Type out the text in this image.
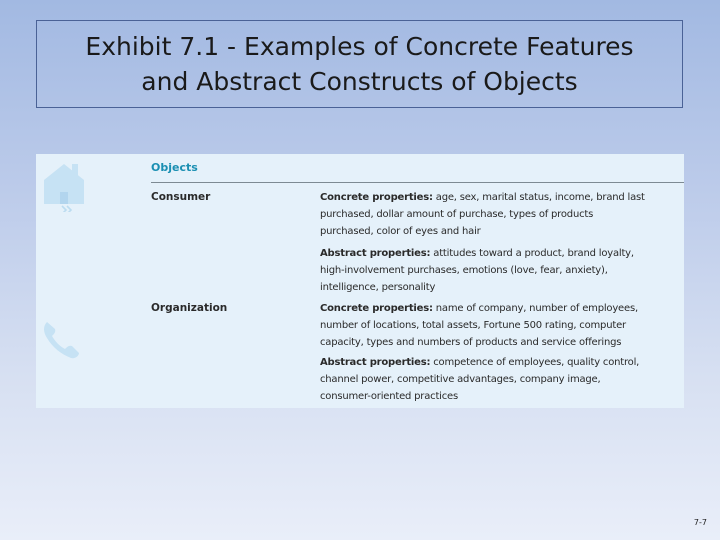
Exhibit 7.1 - Examples of Concrete Features
and Abstract Constructs of Objects
Objects
Consumer	Concrete properties: age, sex, marital status, income, brand last
purchased, dollar amount of purchase, types of products
purchased, color of eyes and hair
Abstract properties: attitudes toward a product, brand loyalty,
high-involvement purchases, emotions (love, fear, anxiety),
intelligence, personality
Organization	Concrete properties: name of company, number of employees,
number of locations, total assets, Fortune 500 rating, computer
capacity, types and numbers of products and service offerings
Abstract properties: competence of employees, quality control,
channel power, competitive advantages, company image,
consumer-oriented practices
7-7
